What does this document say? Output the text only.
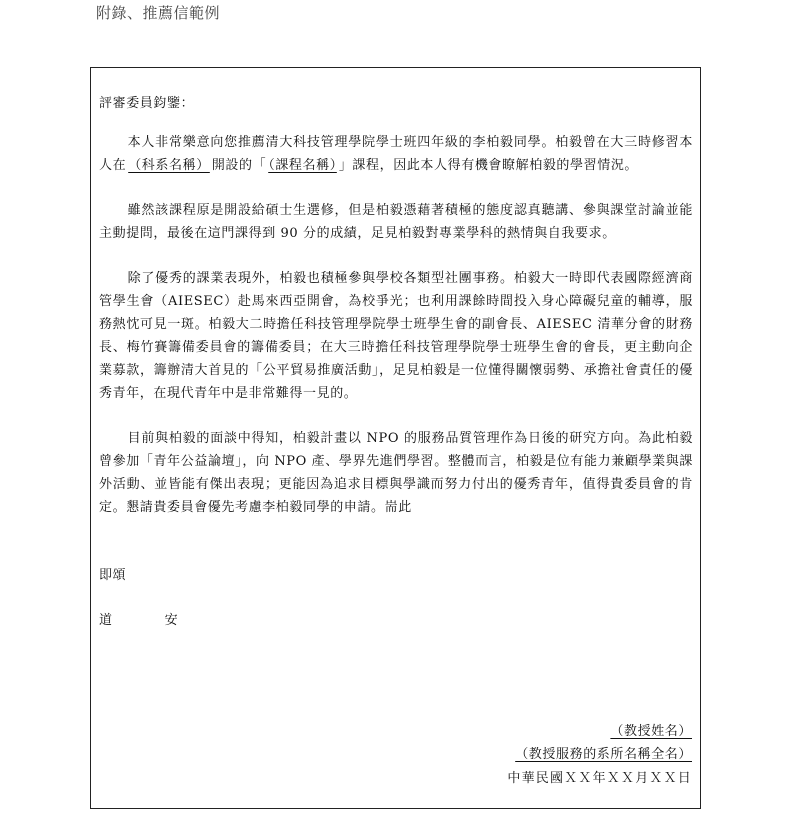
附錄、推薦信範例

評審委員鈞鑒：

本人非常樂意向您推薦清大科技管理學院學士班四年級的李柏毅同學。柏毅曾在大三時修習本人在 （科系名稱） 開設的「 （課程名稱） 」課程，因此本人得有機會瞭解柏毅的學習情況。

雖然該課程原是開設給碩士生選修，但是柏毅憑藉著積極的態度認真聽講、參與課堂討論並能主動提問，最後在這門課得到 90 分的成績，足見柏毅對專業學科的熱情與自我要求。

除了優秀的課業表現外，柏毅也積極參與學校各類型社團事務。柏毅大一時即代表國際經濟商管學生會（AIESEC）赴馬來西亞開會，為校爭光；也利用課餘時間投入身心障礙兒童的輔導，服務熱忱可見一斑。柏毅大二時擔任科技管理學院學士班學生會的副會長、AIESEC 清華分會的財務長、梅竹賽籌備委員會的籌備委員；在大三時擔任科技管理學院學士班學生會的會長，更主動向企業募款，籌辦清大首見的「公平貿易推廣活動」，足見柏毅是一位懂得關懷弱勢、承擔社會責任的優秀青年，在現代青年中是非常難得一見的。

目前與柏毅的面談中得知，柏毅計畫以 NPO 的服務品質管理作為日後的研究方向。為此柏毅曾參加「青年公益論壇」，向 NPO 產、學界先進們學習。整體而言，柏毅是位有能力兼顧學業與課外活動、並皆能有傑出表現；更能因為追求目標與學識而努力付出的優秀青年，值得貴委員會的肯定。懇請貴委員會優先考慮李柏毅同學的申請。耑此

即頌
道	安
（教授姓名）
（教授服務的系所名稱全名）
中華民國ＸＸ年ＸＸ月ＸＸ日
